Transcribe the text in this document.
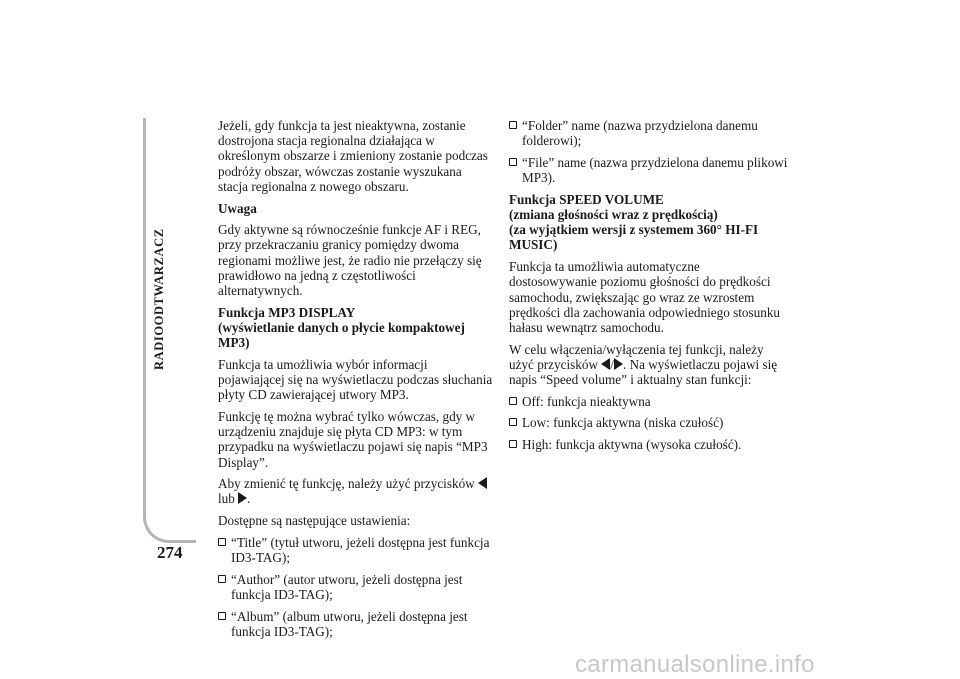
RADIOODTWARZACZ
274

Jeżeli, gdy funkcja ta jest nieaktywna, zostanie dostrojona stacja regionalna działająca w określonym obszarze i zmieniony zostanie podczas podróży obszar, wówczas zostanie wyszukana stacja regionalna z nowego obszaru.

Uwaga

Gdy aktywne są równocześnie funkcje AF i REG, przy przekraczaniu granicy pomiędzy dwoma regionami możliwe jest, że radio nie przełączy się prawidłowo na jedną z częstotliwości alternatywnych.

Funkcja MP3 DISPLAY
(wyświetlanie danych o płycie kompaktowej MP3)

Funkcja ta umożliwia wybór informacji pojawiającej się na wyświetlaczu podczas słuchania płyty CD zawierającej utwory MP3.

Funkcję tę można wybrać tylko wówczas, gdy w urządzeniu znajduje się płyta CD MP3: w tym przypadku na wyświetlaczu pojawi się napis “MP3 Display”.

Aby zmienić tę funkcję, należy użyć przycisków  lub .

Dostępne są następujące ustawienia:

“Title” (tytuł utworu, jeżeli dostępna jest funkcja ID3-TAG);
“Author” (autor utworu, jeżeli dostępna jest funkcja ID3-TAG);
“Album” (album utworu, jeżeli dostępna jest funkcja ID3-TAG);
“Folder” name (nazwa przydzielona danemu folderowi);
“File” name (nazwa przydzielona danemu plikowi MP3).
Funkcja SPEED VOLUME
(zmiana głośności wraz z prędkością)
(za wyjątkiem wersji z systemem 360° HI-FI MUSIC)

Funkcja ta umożliwia automatyczne dostosowywanie poziomu głośności do prędkości samochodu, zwiększając go wraz ze wzrostem prędkości dla zachowania odpowiedniego stosunku hałasu wewnątrz samochodu.

W celu włączenia/wyłączenia tej funkcji, należy użyć przycisków / . Na wyświetlaczu pojawi się napis “Speed volume” i aktualny stan funkcji:

Off: funkcja nieaktywna
Low: funkcja aktywna (niska czułość)
High: funkcja aktywna (wysoka czułość).
carmanualsonline.info
